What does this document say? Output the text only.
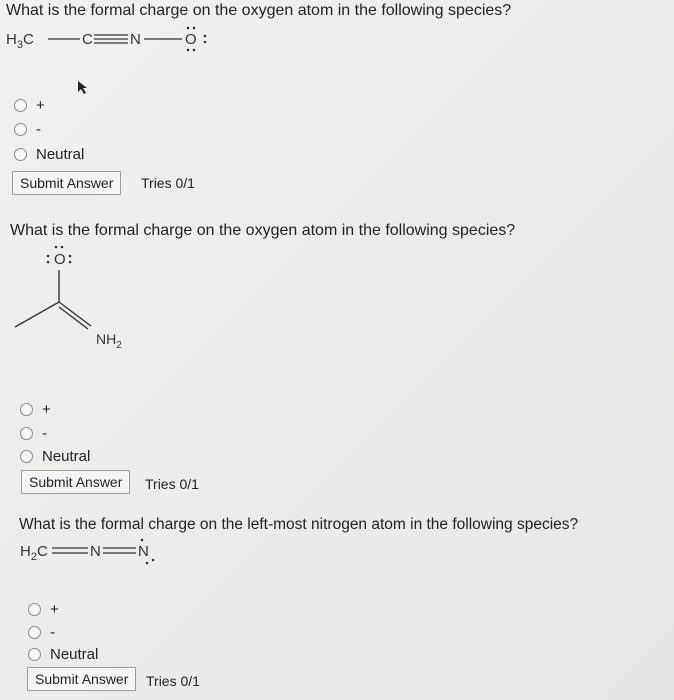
What is the formal charge on the oxygen atom in the following species?
$H_3C$	C N	O
+
-
Neutral
Submit Answer	Tries 0/1
What is the formal charge on the oxygen atom in the following species?
O
$NH_2$
+
-
Neutral
Submit Answer	Tries 0/1
What is the formal charge on the left-most nitrogen atom in the following species?
$H_2C$	N N
+
-
Neutral
Submit Answer	Tries 0/1
